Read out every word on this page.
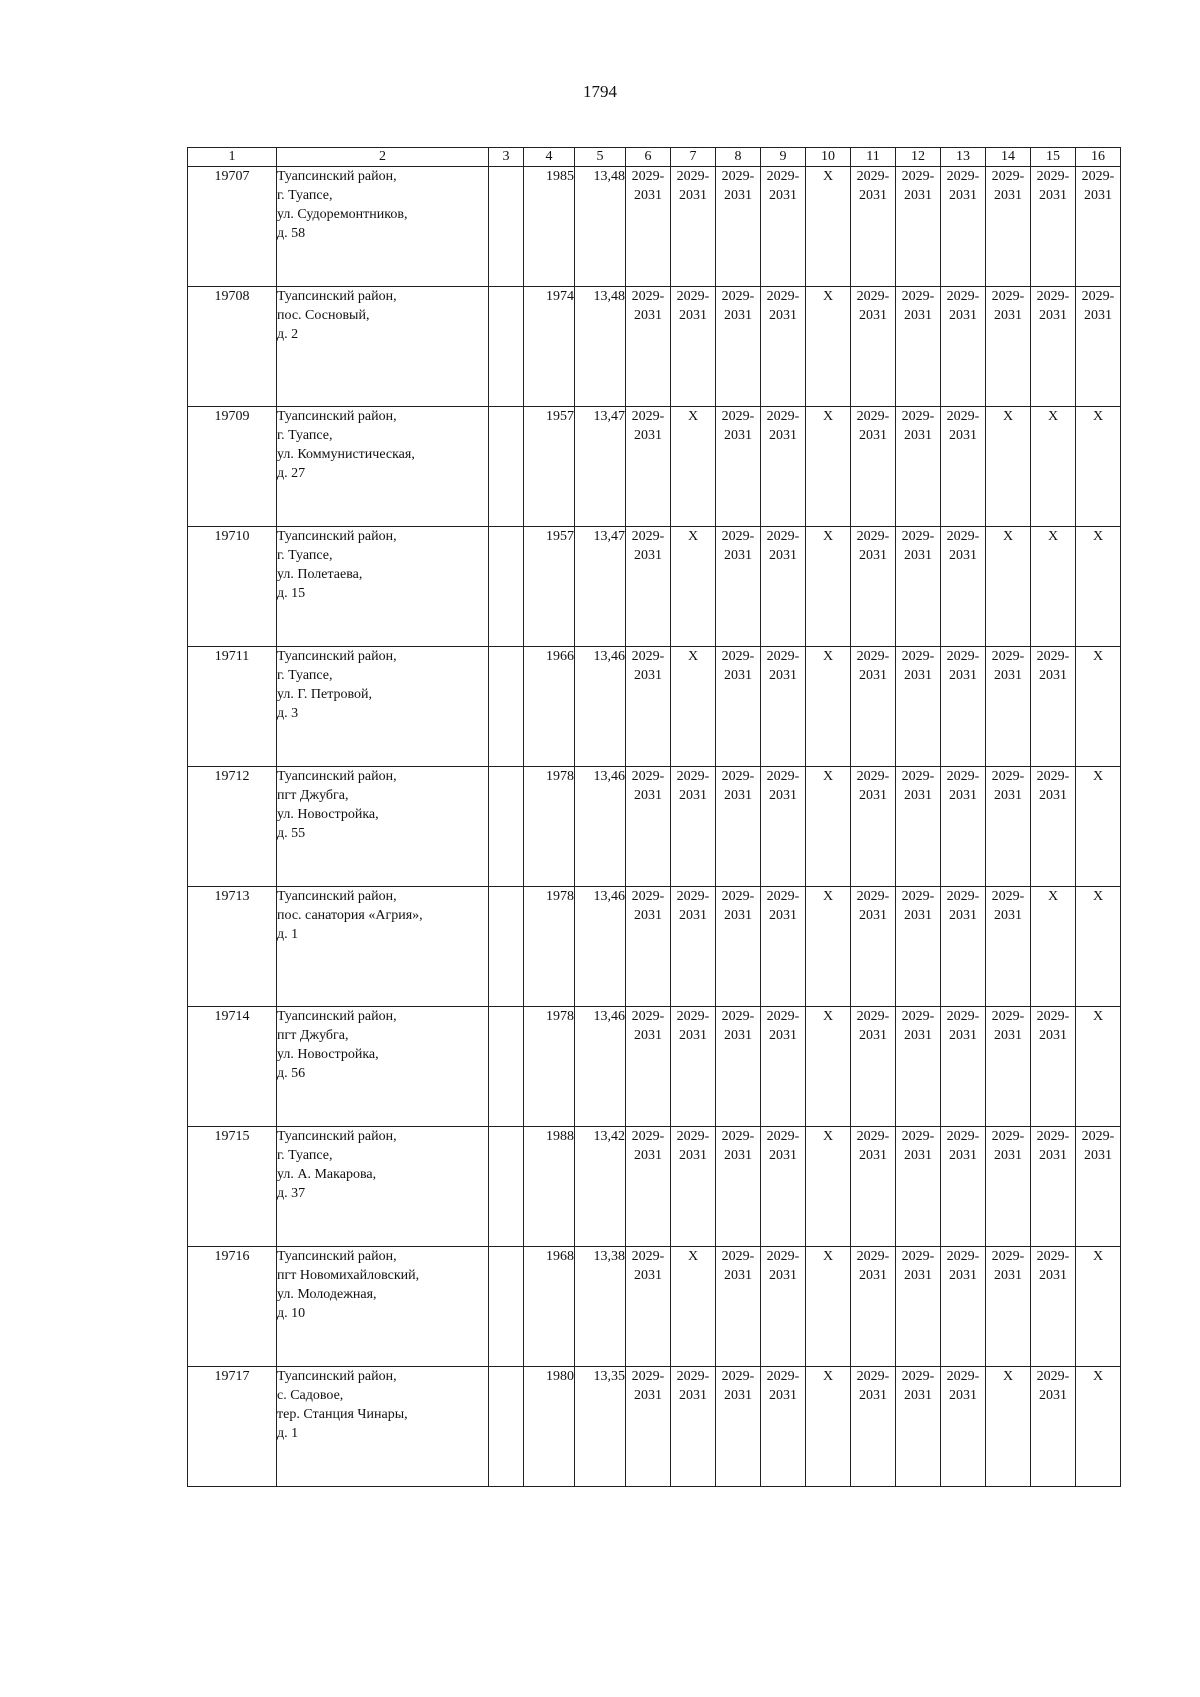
1794
1	2	3	4	5	6	7	8	9	10	11	12	13	14	15	16
19707	Туапсинский район,
г. Туапсе,
ул. Судоремонтников,
д. 58		1985	13,48	2029-
2031	2029-
2031	2029-
2031	2029-
2031	X	2029-
2031	2029-
2031	2029-
2031	2029-
2031	2029-
2031	2029-
2031

19708	Туапсинский район,
пос. Сосновый,
д. 2		1974	13,48	2029-
2031	2029-
2031	2029-
2031	2029-
2031	X	2029-
2031	2029-
2031	2029-
2031	2029-
2031	2029-
2031	2029-
2031

19709	Туапсинский район,
г. Туапсе,
ул. Коммунистическая,
д. 27		1957	13,47	2029-
2031	X	2029-
2031	2029-
2031	X	2029-
2031	2029-
2031	2029-
2031	X	X	X
19710	Туапсинский район,
г. Туапсе,
ул. Полетаева,
д. 15		1957	13,47	2029-
2031	X	2029-
2031	2029-
2031	X	2029-
2031	2029-
2031	2029-
2031	X	X	X
19711	Туапсинский район,
г. Туапсе,
ул. Г. Петровой,
д. 3		1966	13,46	2029-
2031	X	2029-
2031	2029-
2031	X	2029-
2031	2029-
2031	2029-
2031	2029-
2031	2029-
2031	X
19712	Туапсинский район,
пгт Джубга,
ул. Новостройка,
д. 55		1978	13,46	2029-
2031	2029-
2031	2029-
2031	2029-
2031	X	2029-
2031	2029-
2031	2029-
2031	2029-
2031	2029-
2031	X
19713	Туапсинский район,
пос. санатория «Агрия»,
д. 1		1978	13,46	2029-
2031	2029-
2031	2029-
2031	2029-
2031	X	2029-
2031	2029-
2031	2029-
2031	2029-
2031	X	X
19714	Туапсинский район,
пгт Джубга,
ул. Новостройка,
д. 56		1978	13,46	2029-
2031	2029-
2031	2029-
2031	2029-
2031	X	2029-
2031	2029-
2031	2029-
2031	2029-
2031	2029-
2031	X
19715	Туапсинский район,
г. Туапсе,
ул. А. Макарова,
д. 37		1988	13,42	2029-
2031	2029-
2031	2029-
2031	2029-
2031	X	2029-
2031	2029-
2031	2029-
2031	2029-
2031	2029-
2031	2029-
2031

19716	Туапсинский район,
пгт Новомихайловский,
ул. Молодежная,
д. 10		1968	13,38	2029-
2031	X	2029-
2031	2029-
2031	X	2029-
2031	2029-
2031	2029-
2031	2029-
2031	2029-
2031	X
19717	Туапсинский район,
с. Садовое,
тер. Станция Чинары,
д. 1		1980	13,35	2029-
2031	2029-
2031	2029-
2031	2029-
2031	X	2029-
2031	2029-
2031	2029-
2031	X	2029-
2031	X
